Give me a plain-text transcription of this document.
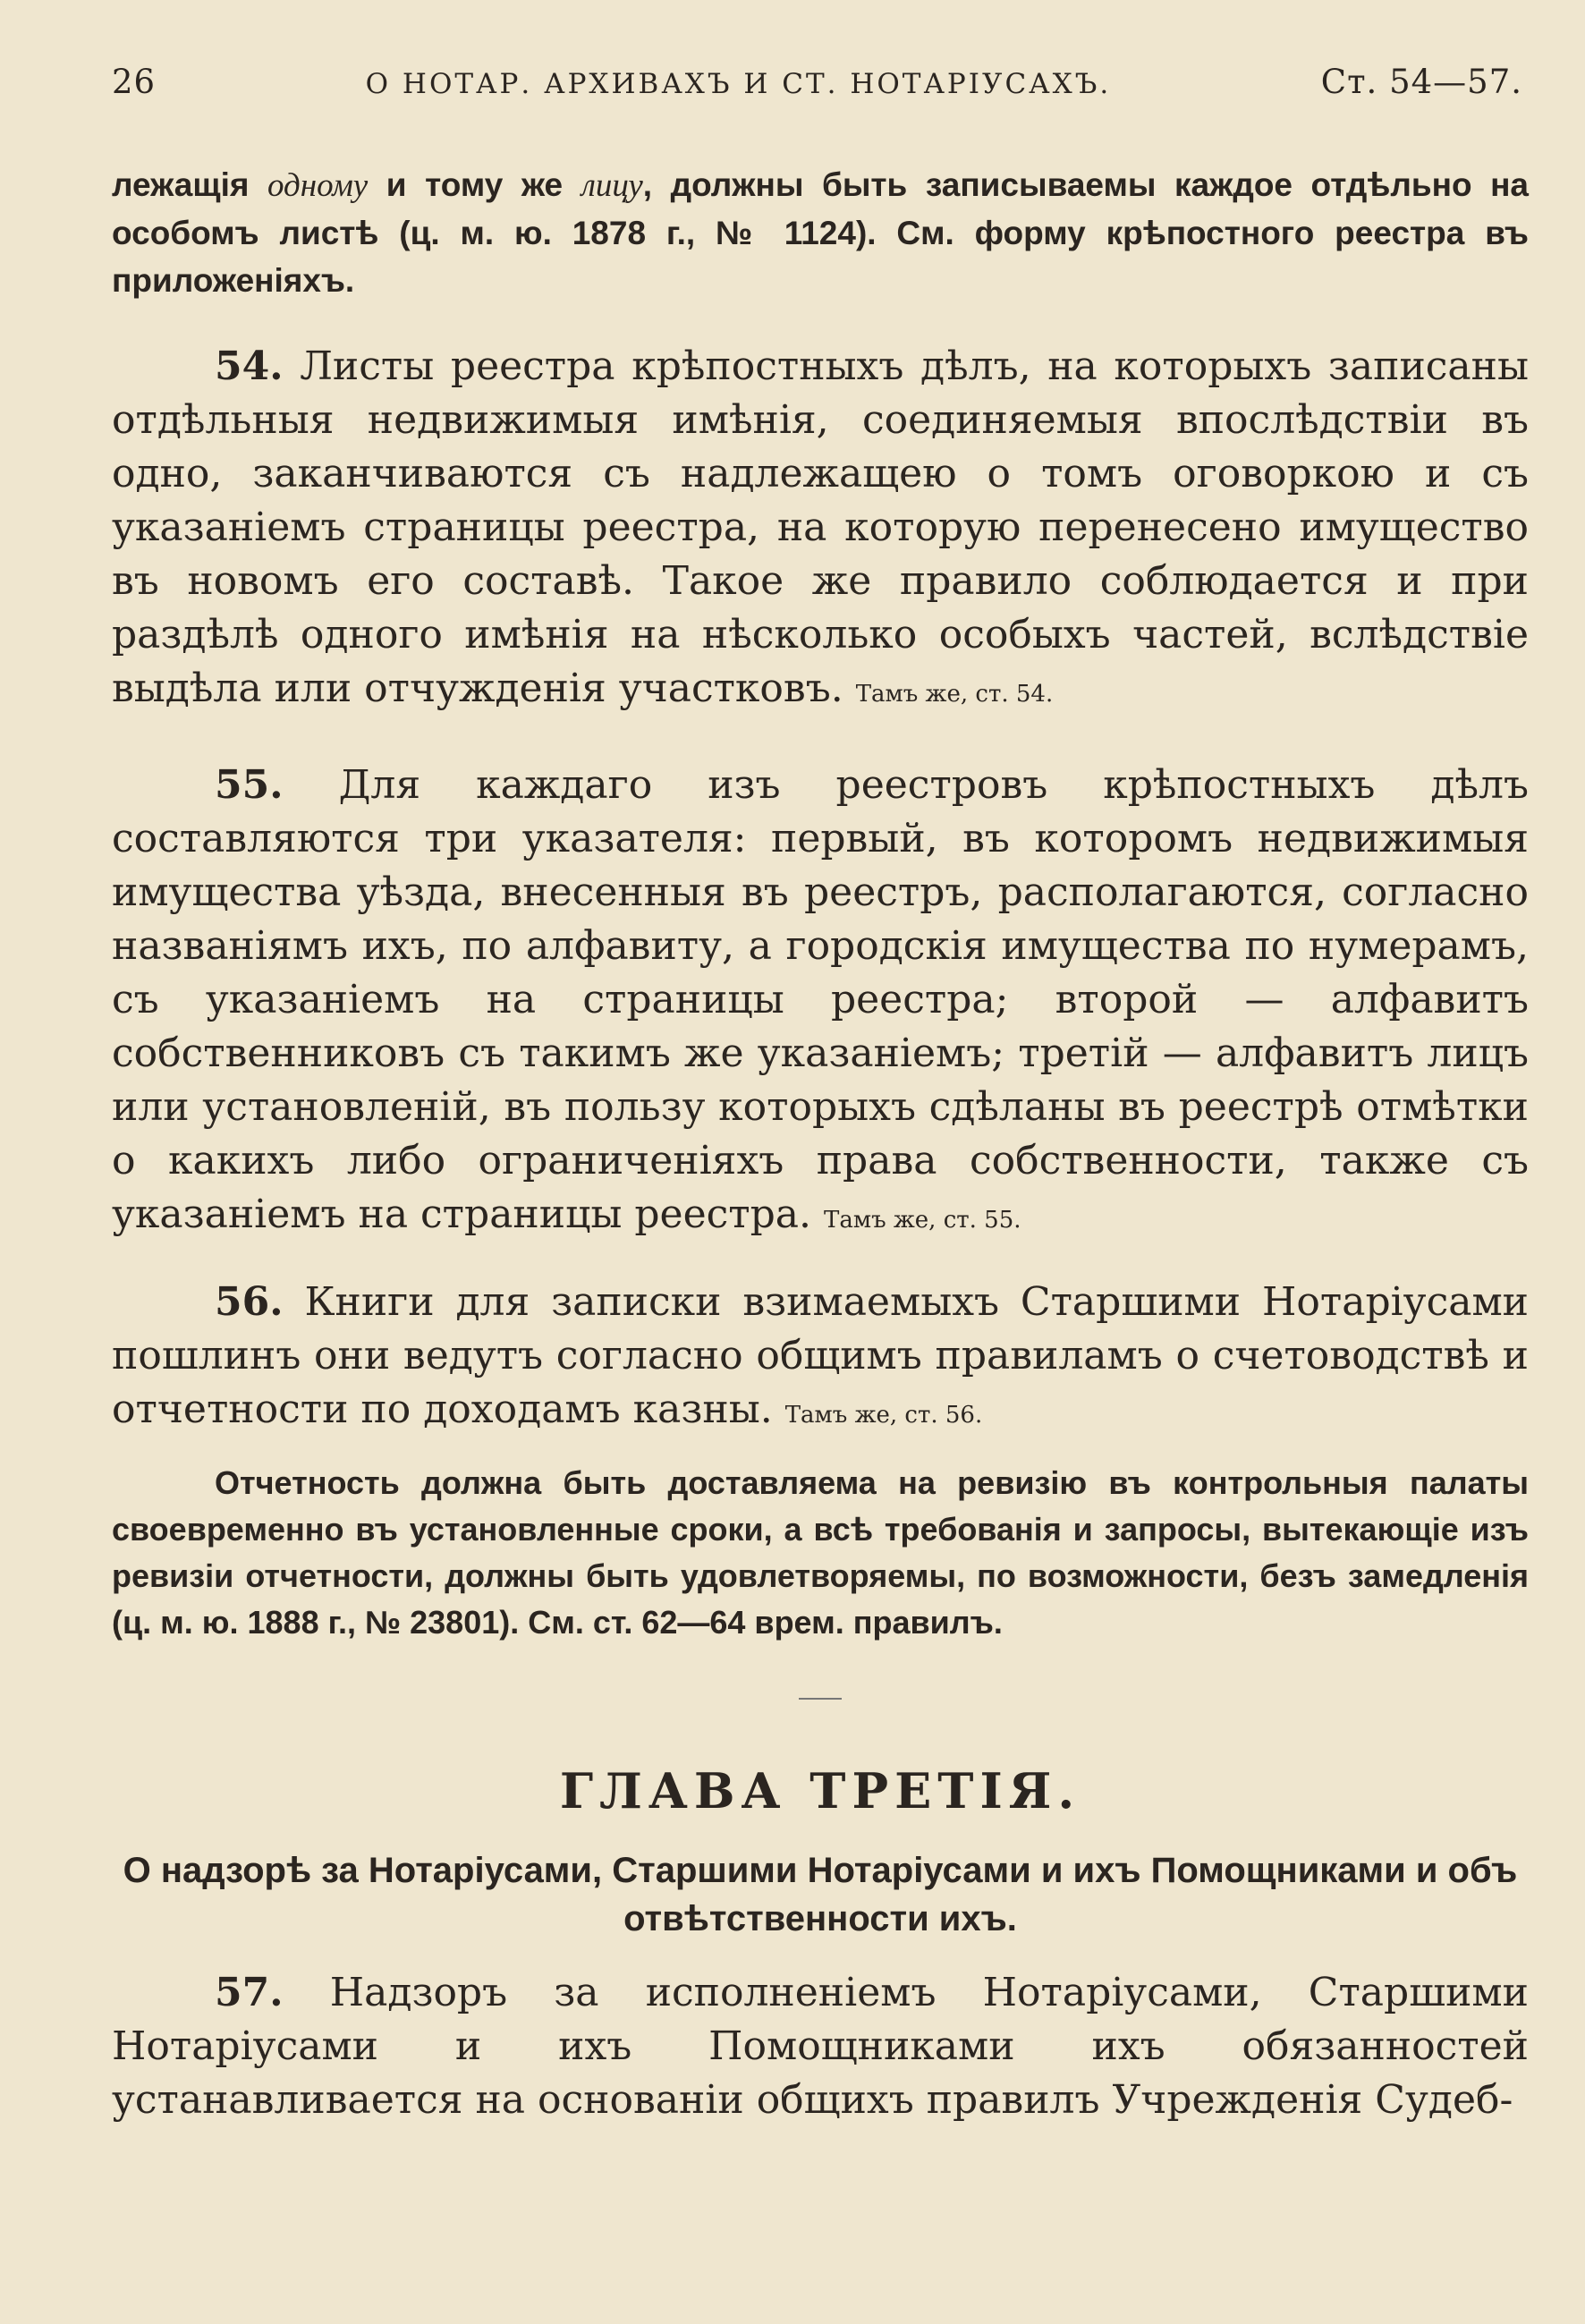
26	О НОТАР. АРХИВАХЪ И СТ. НОТАРІУСАХЪ.	Ст. 54—57.

лежащія одному и тому же лицу, должны быть записываемы каждое отдѣльно на особомъ листѣ (ц. м. ю. 1878 г., № 1124). См. форму крѣпостного реестра въ приложеніяхъ.

54. Листы реестра крѣпостныхъ дѣлъ, на которыхъ записаны отдѣльныя недвижимыя имѣнія, соединяемыя впослѣдствіи въ одно, заканчиваются съ надлежащею о томъ оговоркою и съ указаніемъ страницы реестра, на которую перенесено имущество въ новомъ его составѣ. Такое же правило соблюдается и при раздѣлѣ одного имѣнія на нѣсколько особыхъ частей, вслѣдствіе выдѣла или отчужденія участковъ. Тамъ же, ст. 54.

55. Для каждаго изъ реестровъ крѣпостныхъ дѣлъ составляются три указателя: первый, въ которомъ недвижимыя имущества уѣзда, внесенныя въ реестръ, располагаются, согласно названіямъ ихъ, по алфавиту, а городскія имущества по нумерамъ, съ указаніемъ на страницы реестра; второй — алфавитъ собственниковъ съ такимъ же указаніемъ; третій — алфавитъ лицъ или установленій, въ пользу которыхъ сдѣланы въ реестрѣ отмѣтки о какихъ либо ограниченіяхъ права собственности, также съ указаніемъ на страницы реестра. Тамъ же, ст. 55.

56. Книги для записки взимаемыхъ Старшими Нотаріусами пошлинъ они ведутъ согласно общимъ правиламъ о счетоводствѣ и отчетности по доходамъ казны. Тамъ же, ст. 56.

Отчетность должна быть доставляема на ревизію въ контрольныя палаты своевременно въ установленные сроки, а всѣ требованія и запросы, вытекающіе изъ ревизіи отчетности, должны быть удовлетворяемы, по возможности, безъ замедленія (ц. м. ю. 1888 г., № 23801). См. ст. 62—64 врем. правилъ.

ГЛАВА ТРЕТІЯ.

О надзорѣ за Нотаріусами, Старшими Нотаріусами и ихъ Помощниками и объ отвѣтственности ихъ.

57. Надзоръ за исполненіемъ Нотаріусами, Старшими Нотаріусами и ихъ Помощниками ихъ обязанностей устанавливается на основаніи общихъ правилъ Учрежденія Судеб-
